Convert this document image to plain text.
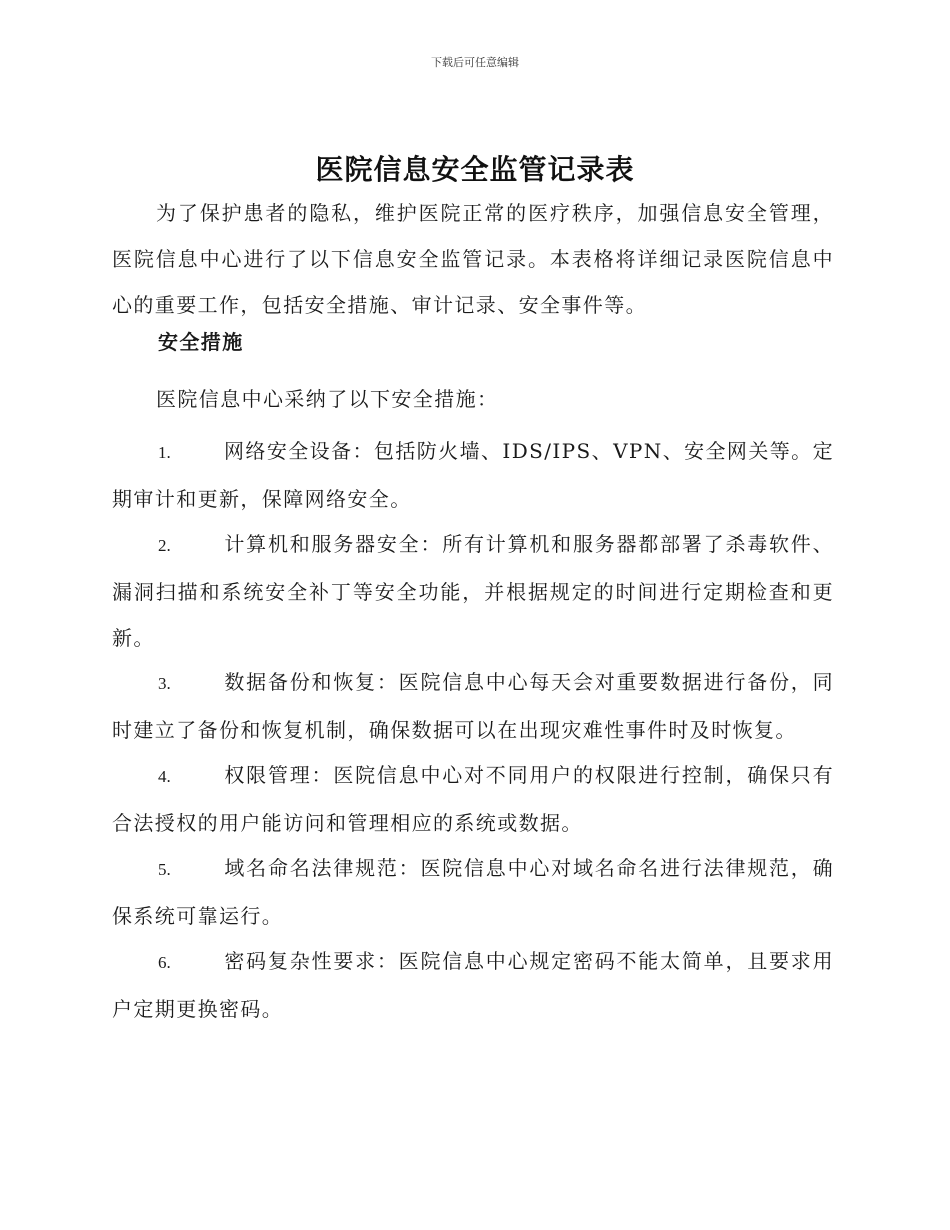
下载后可任意编辑
医院信息安全监管记录表
为了保护患者的隐私，维护医院正常的医疗秩序，加强信息安全管理，医院信息中心进行了以下信息安全监管记录。本表格将详细记录医院信息中心的重要工作，包括安全措施、审计记录、安全事件等。
安全措施
医院信息中心采纳了以下安全措施：
1.	网络安全设备：包括防火墙、IDS/IPS、VPN、安全网关等。定期审计和更新，保障网络安全。
2.	计算机和服务器安全：所有计算机和服务器都部署了杀毒软件、漏洞扫描和系统安全补丁等安全功能，并根据规定的时间进行定期检查和更新。
3.	数据备份和恢复：医院信息中心每天会对重要数据进行备份，同时建立了备份和恢复机制，确保数据可以在出现灾难性事件时及时恢复。
4.	权限管理：医院信息中心对不同用户的权限进行控制，确保只有合法授权的用户能访问和管理相应的系统或数据。
5.	域名命名法律规范：医院信息中心对域名命名进行法律规范，确保系统可靠运行。
6.	密码复杂性要求：医院信息中心规定密码不能太简单，且要求用户定期更换密码。
